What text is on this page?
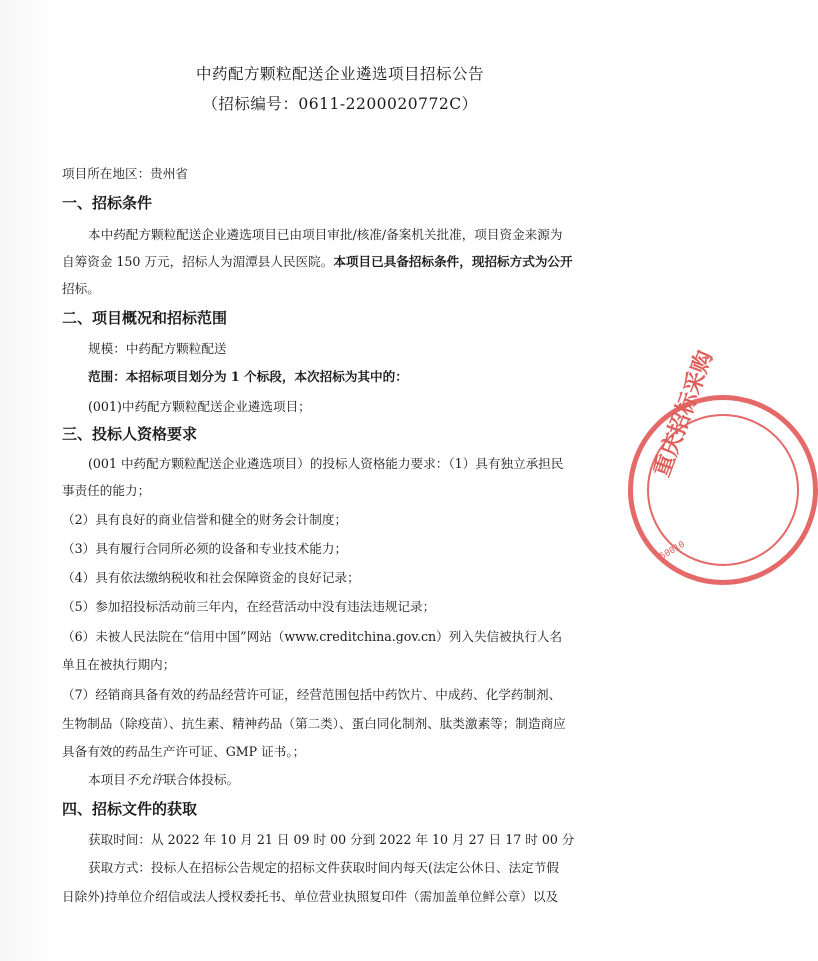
中药配方颗粒配送企业遴选项目招标公告
（招标编号：0611-2200020772C）
项目所在地区：贵州省
一、招标条件
本中药配方颗粒配送企业遴选项目已由项目审批/核准/备案机关批准，项目资金来源为
自筹资金 150 万元，招标人为湄潭县人民医院。本项目已具备招标条件，现招标方式为公开
招标。
二、项目概况和招标范围
规模：中药配方颗粒配送
范围：本招标项目划分为 1 个标段，本次招标为其中的：
(001)中药配方颗粒配送企业遴选项目；
三、投标人资格要求
(001 中药配方颗粒配送企业遴选项目）的投标人资格能力要求：（1）具有独立承担民
事责任的能力；
（2）具有良好的商业信誉和健全的财务会计制度；
（3）具有履行合同所必须的设备和专业技术能力；
（4）具有依法缴纳税收和社会保障资金的良好记录；
（5）参加招投标活动前三年内，在经营活动中没有违法违规记录；
（6）未被人民法院在“信用中国”网站（www.creditchina.gov.cn）列入失信被执行人名
单且在被执行期内；
（7）经销商具备有效的药品经营许可证，经营范围包括中药饮片、中成药、化学药制剂、
生物制品（除疫苗）、抗生素、精神药品（第二类）、蛋白同化制剂、肽类激素等；制造商应
具备有效的药品生产许可证、GMP 证书。；
本项目不允许联合体投标。
四、招标文件的获取
获取时间：从 2022 年 10 月 21 日 09 时 00 分到 2022 年 10 月 27 日 17 时 00 分
获取方式：投标人在招标公告规定的招标文件获取时间内每天(法定公休日、法定节假
日除外)持单位介绍信或法人授权委托书、单位营业执照复印件（需加盖单位鲜公章）以及
重庆招标采购
50010
